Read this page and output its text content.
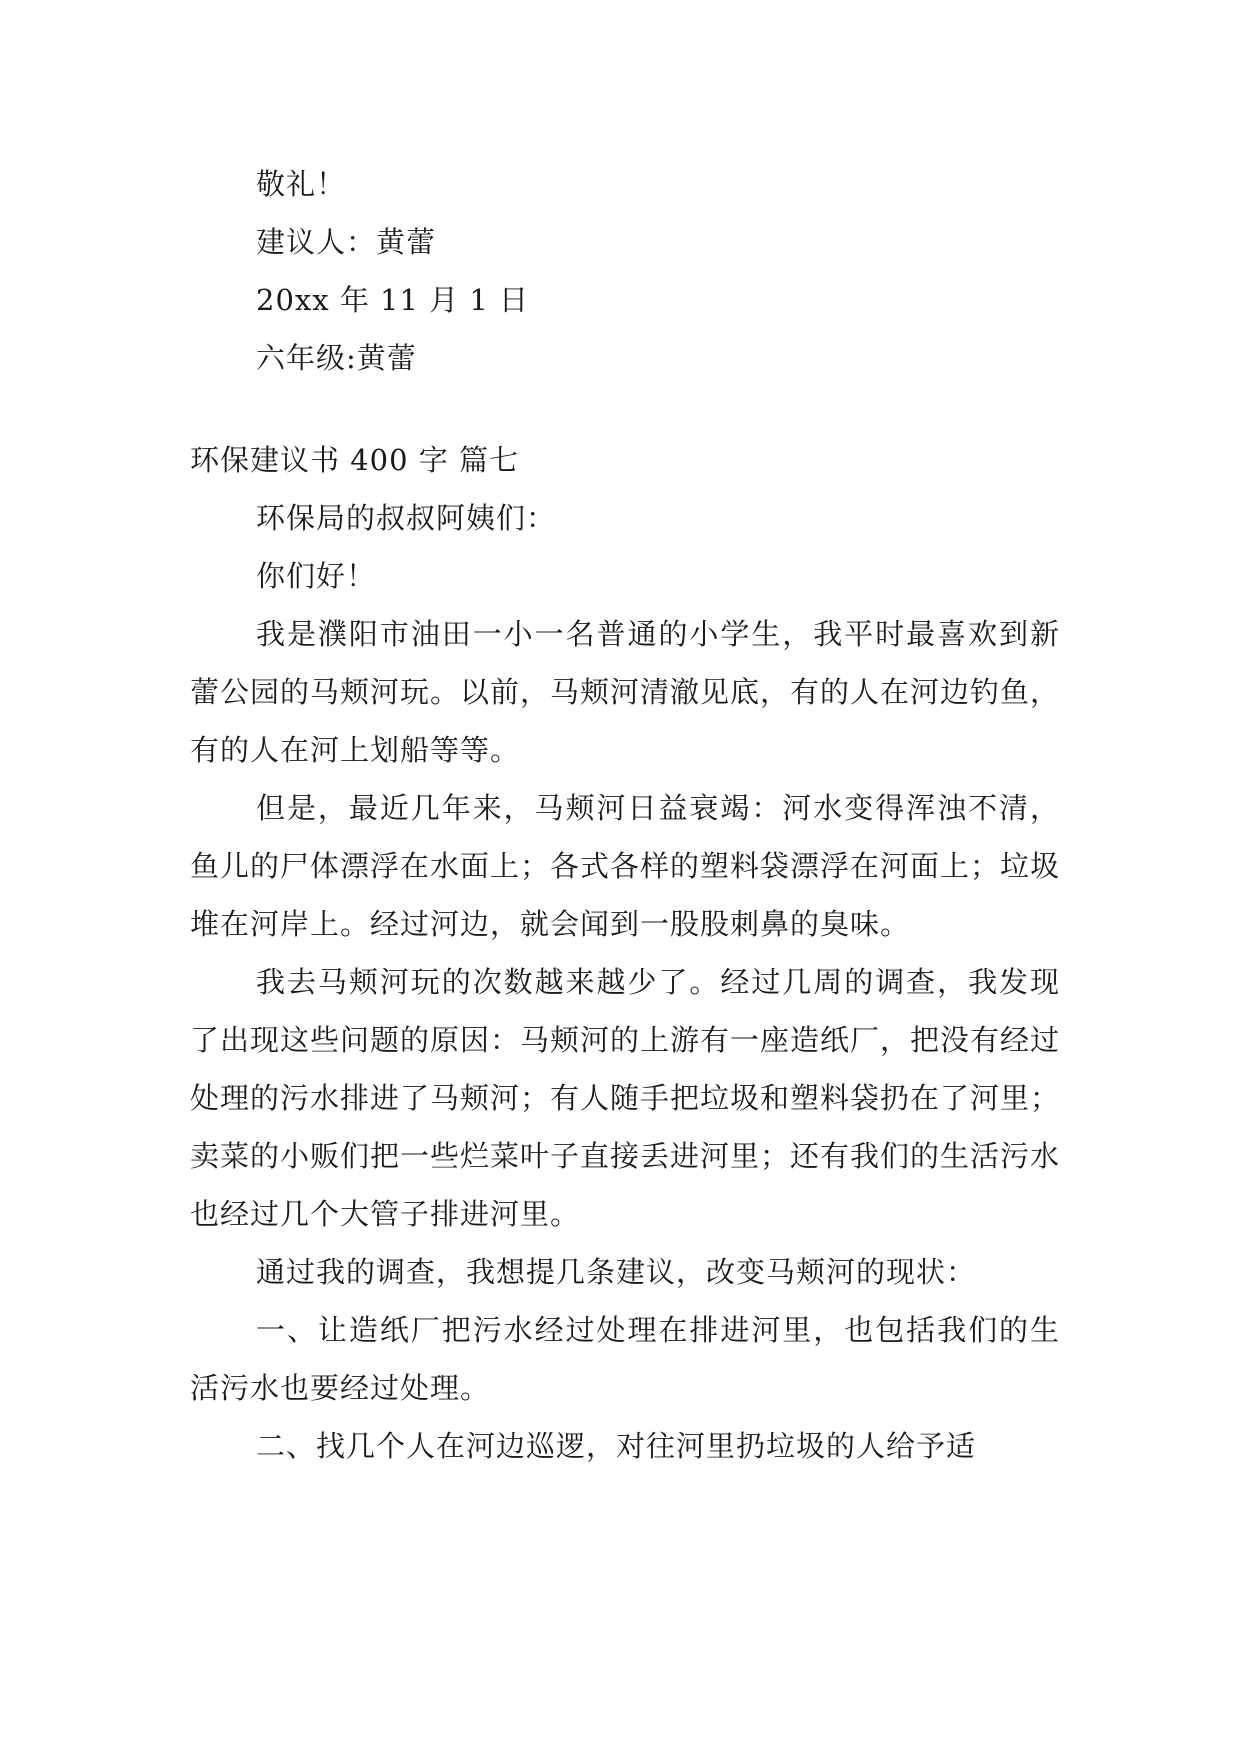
敬礼！

建议人：黄蕾

20xx 年 11 月 1 日

六年级:黄蕾

环保建议书 400 字 篇七

环保局的叔叔阿姨们：

你们好！

我是濮阳市油田一小一名普通的小学生，我平时最喜欢到新蕾公园的马颊河玩。以前，马颊河清澈见底，有的人在河边钓鱼，有的人在河上划船等等。

但是，最近几年来，马颊河日益衰竭：河水变得浑浊不清，鱼儿的尸体漂浮在水面上；各式各样的塑料袋漂浮在河面上；垃圾堆在河岸上。经过河边，就会闻到一股股刺鼻的臭味。

我去马颊河玩的次数越来越少了。经过几周的调查，我发现了出现这些问题的原因：马颊河的上游有一座造纸厂，把没有经过处理的污水排进了马颊河；有人随手把垃圾和塑料袋扔在了河里；卖菜的小贩们把一些烂菜叶子直接丢进河里；还有我们的生活污水也经过几个大管子排进河里。

通过我的调查，我想提几条建议，改变马颊河的现状：

一、让造纸厂把污水经过处理在排进河里，也包括我们的生活污水也要经过处理。

二、找几个人在河边巡逻，对往河里扔垃圾的人给予适
